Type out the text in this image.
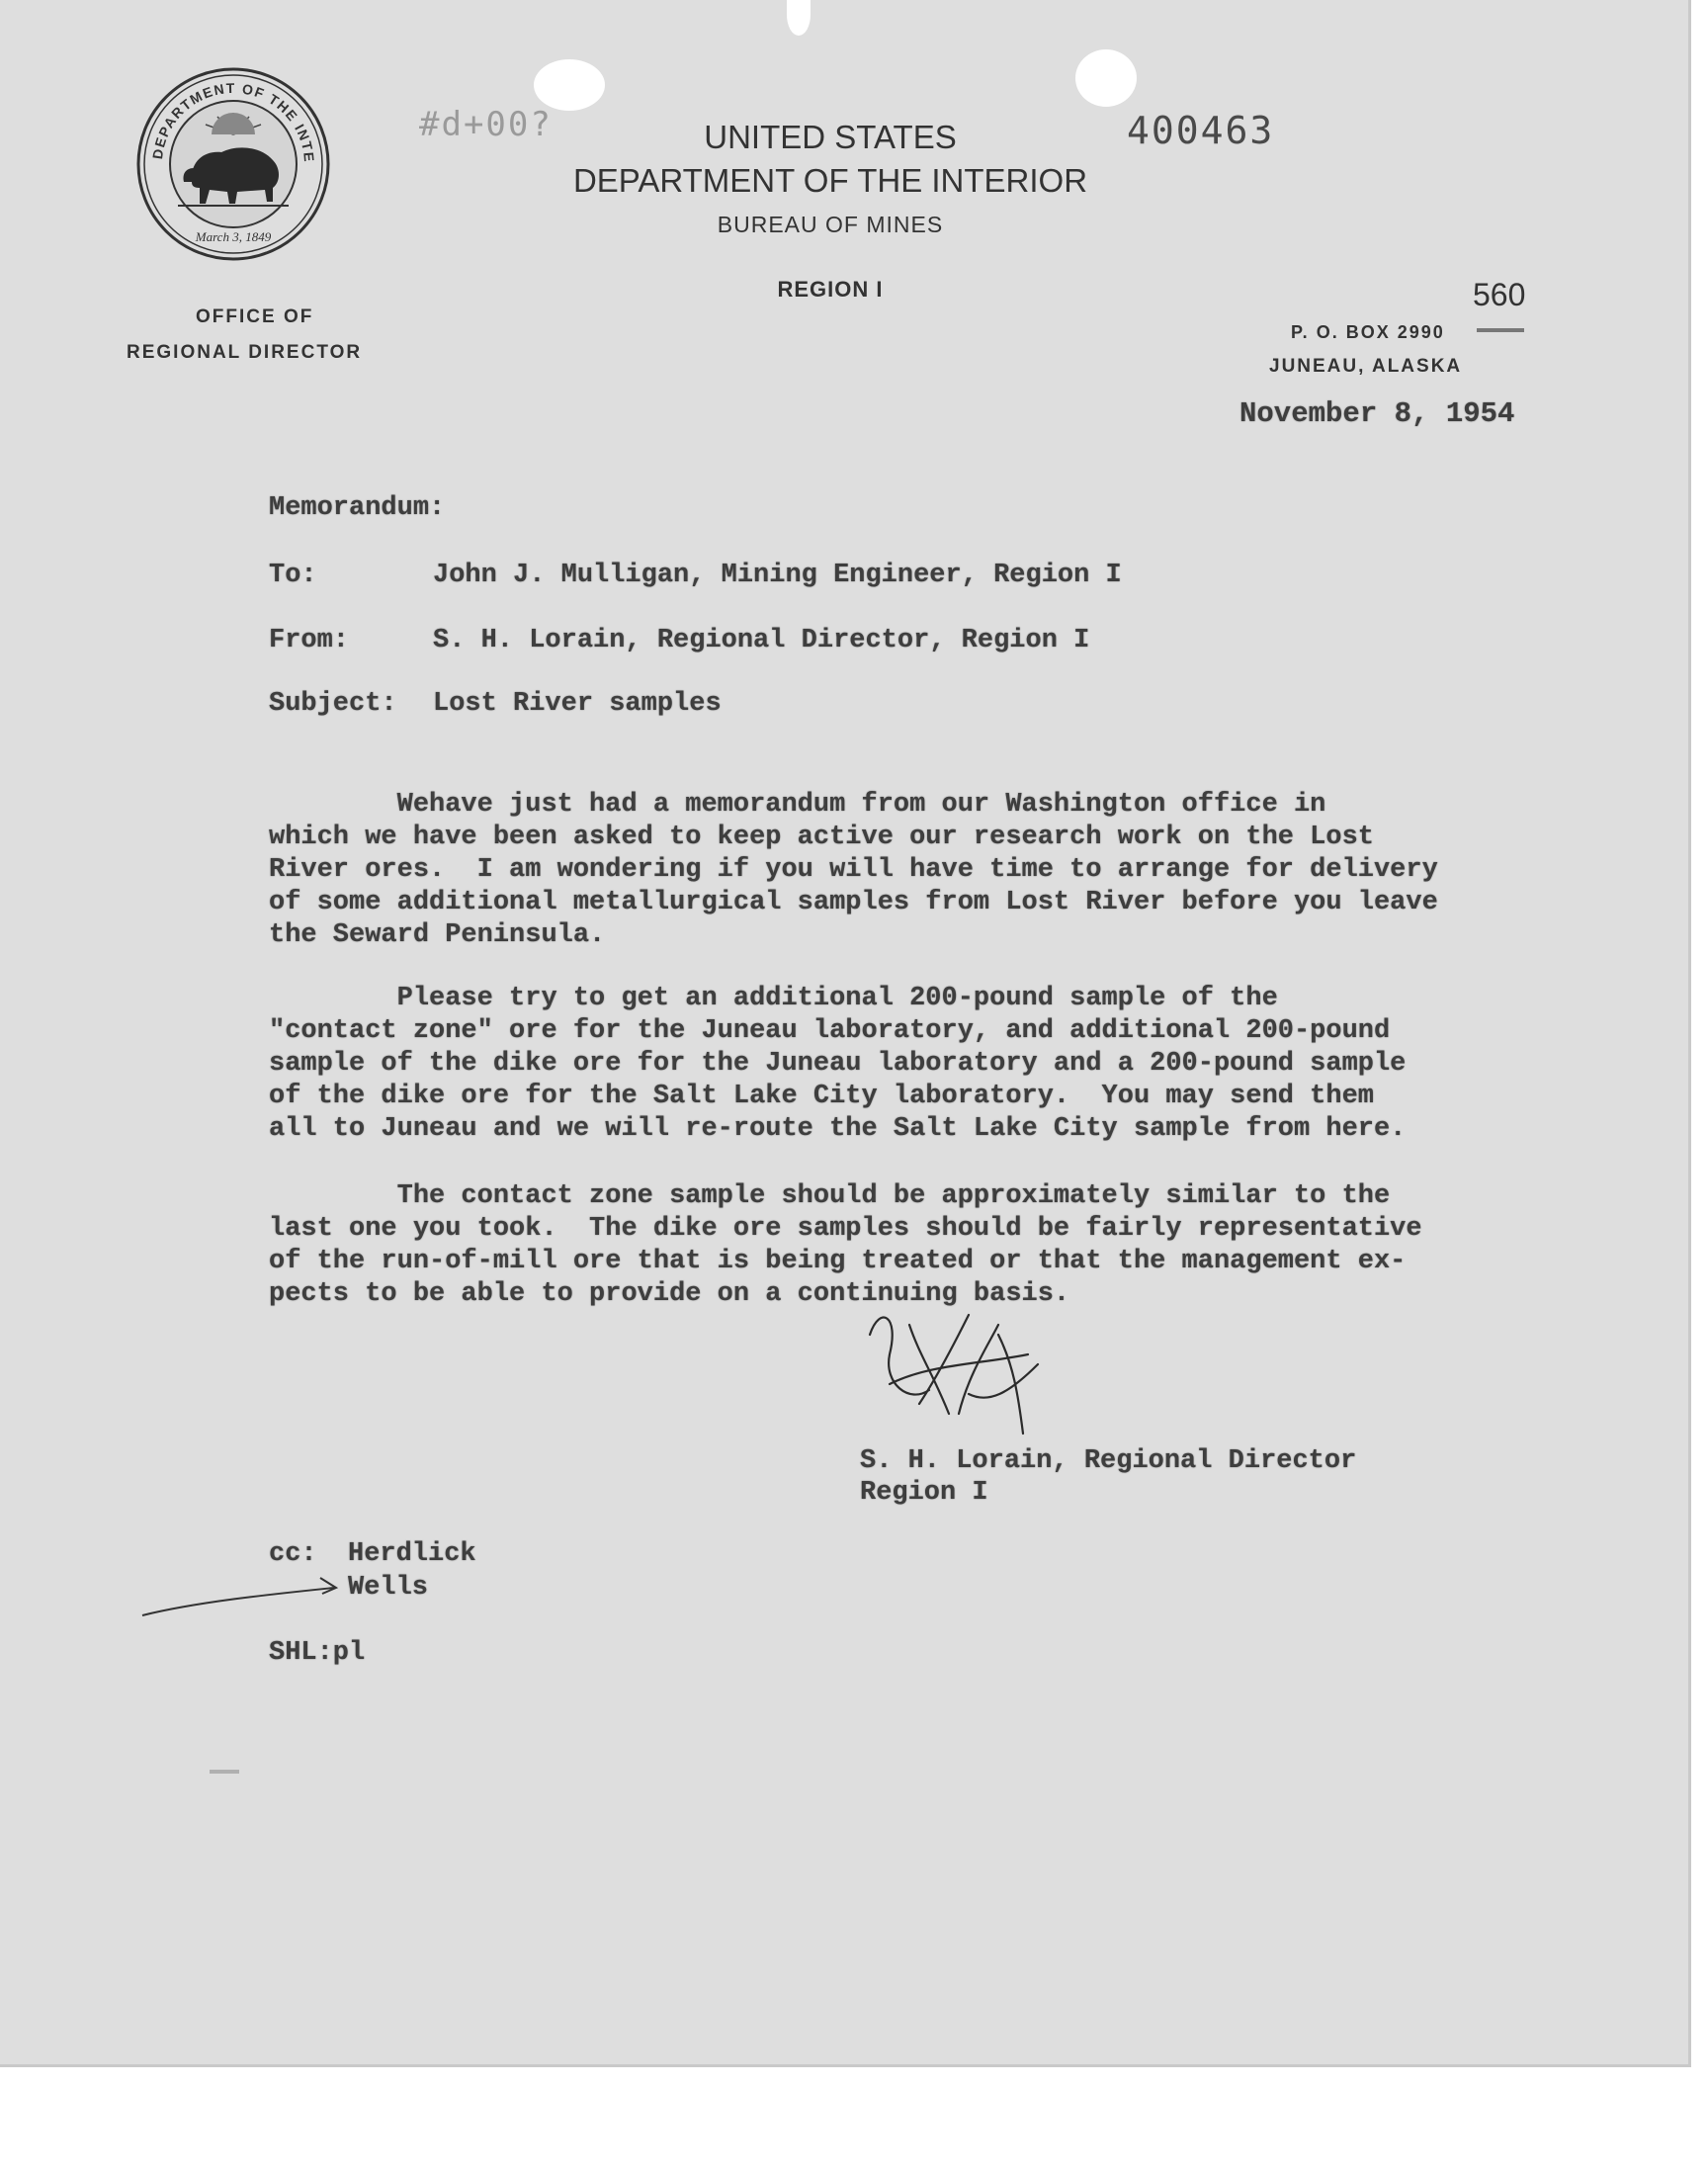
DEPARTMENT OF THE INTE
March 3, 1849
#d+00?	400463
560
UNITED STATES
DEPARTMENT OF THE INTERIOR
BUREAU OF MINES
REGION I
OFFICE OF
REGIONAL DIRECTOR
P. O. BOX 2990
JUNEAU, ALASKA
November 8, 1954
Memorandum:
To:	John J. Mulligan, Mining Engineer, Region I
From:	S. H. Lorain, Regional Director, Region I
Subject: Lost River samples
Wehave just had a memorandum from our Washington office in
which we have been asked to keep active our research work on the Lost
River ores.  I am wondering if you will have time to arrange for delivery
of some additional metallurgical samples from Lost River before you leave
the Seward Peninsula.
Please try to get an additional 200-pound sample of the
"contact zone" ore for the Juneau laboratory, and additional 200-pound
sample of the dike ore for the Juneau laboratory and a 200-pound sample
of the dike ore for the Salt Lake City laboratory.  You may send them
all to Juneau and we will re-route the Salt Lake City sample from here.
The contact zone sample should be approximately similar to the
last one you took.  The dike ore samples should be fairly representative
of the run-of-mill ore that is being treated or that the management ex-
pects to be able to provide on a continuing basis.
S. H. Lorain, Regional Director
Region I
cc: Herdlick
Wells
SHL:pl
